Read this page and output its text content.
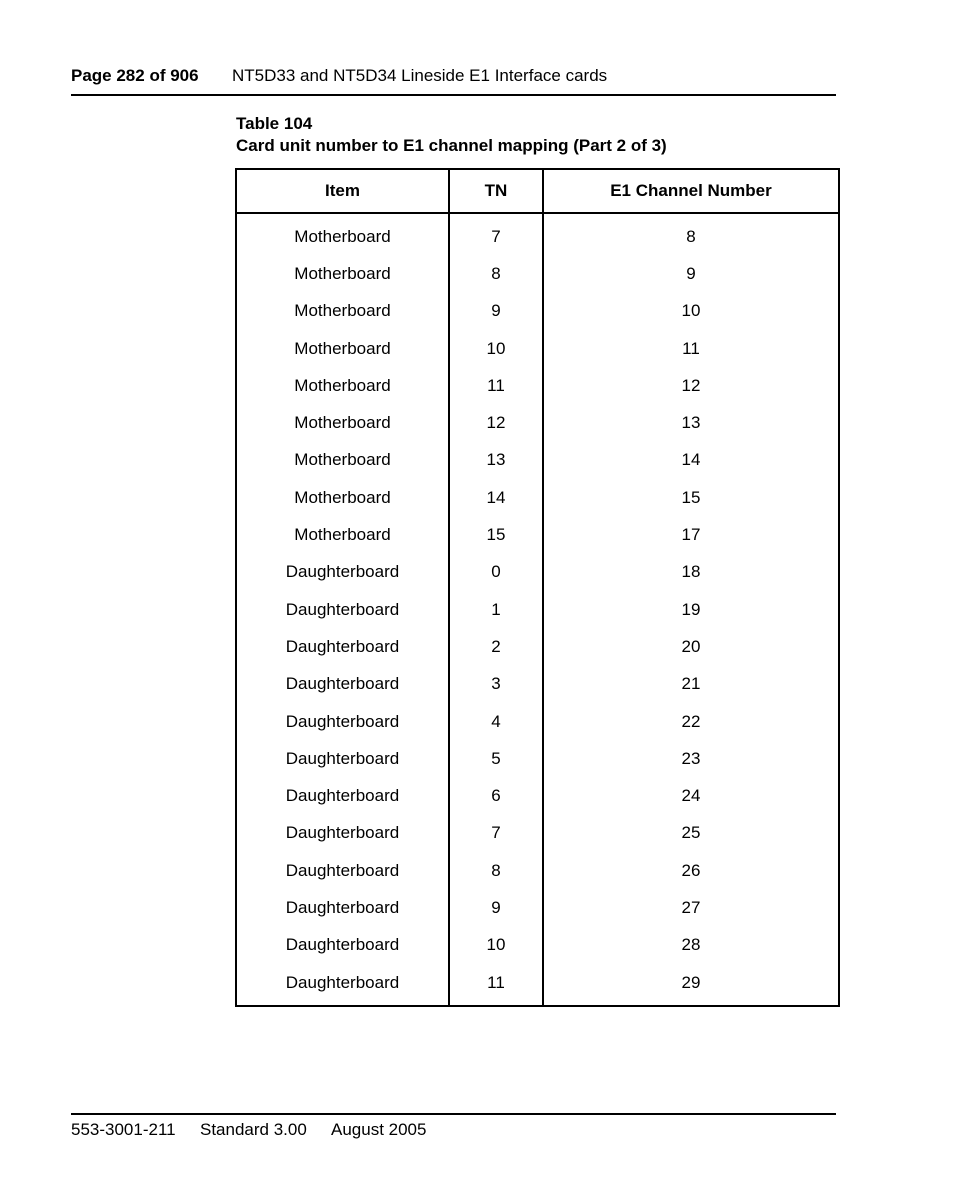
Page 282 of 906 NT5D33 and NT5D34 Lineside E1 Interface cards
Table 104
Card unit number to E1 channel mapping (Part 2 of 3)
Item	TN	E1 Channel Number
Motherboard	7	8
Motherboard	8	9
Motherboard	9	10
Motherboard	10	11
Motherboard	11	12
Motherboard	12	13
Motherboard	13	14
Motherboard	14	15
Motherboard	15	17
Daughterboard	0	18
Daughterboard	1	19
Daughterboard	2	20
Daughterboard	3	21
Daughterboard	4	22
Daughterboard	5	23
Daughterboard	6	24
Daughterboard	7	25
Daughterboard	8	26
Daughterboard	9	27
Daughterboard	10	28
Daughterboard	11	29
553-3001-211 Standard 3.00 August 2005
